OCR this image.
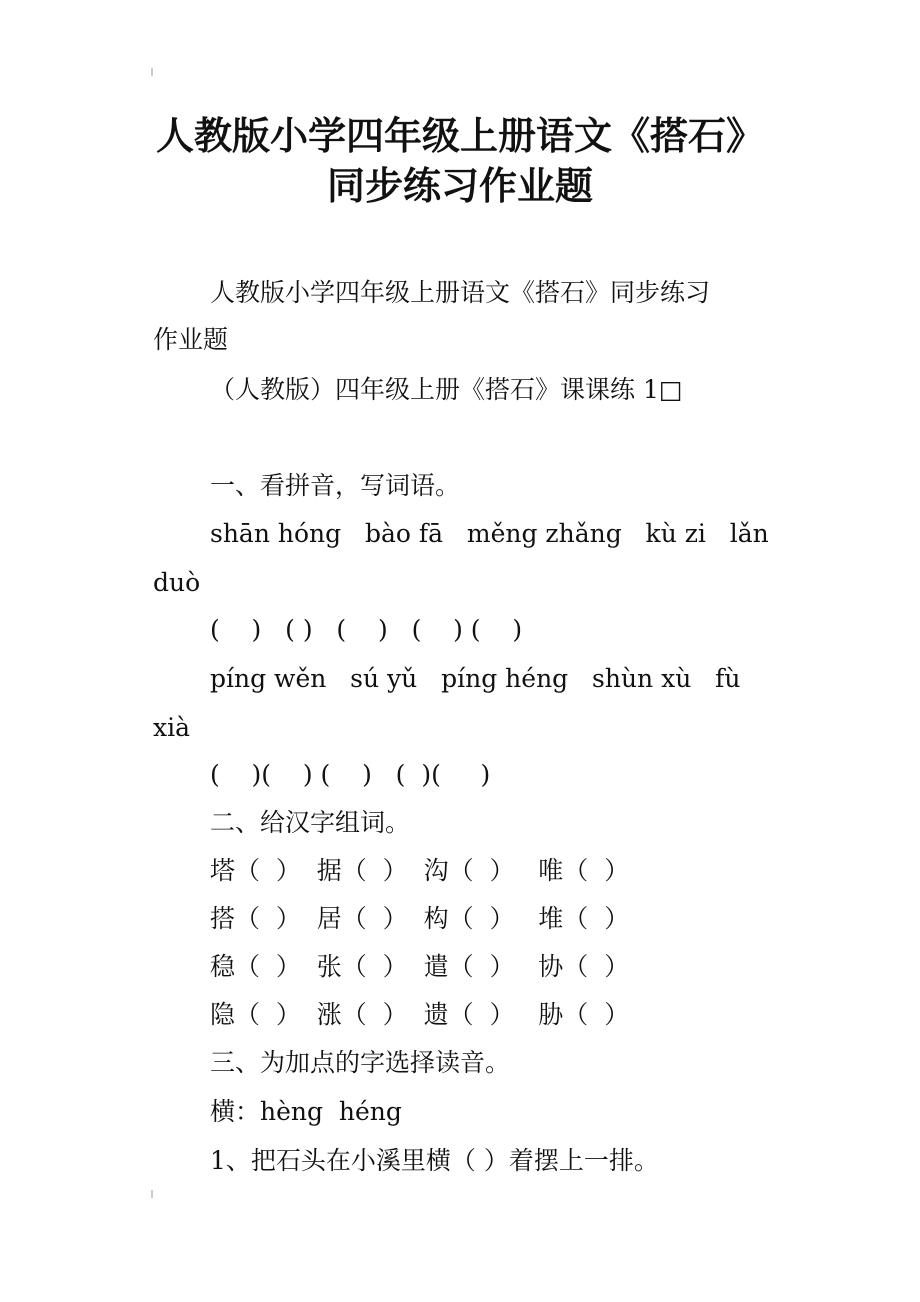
人教版小学四年级上册语文《搭石》
同步练习作业题
人教版小学四年级上册语文《搭石》同步练习
作业题
（人教版）四年级上册《搭石》课课练 1□
一、看拼音，写词语。
shān hóng   bào fā   měng zhǎng   kù zi   lǎn
duò
(    )   ( )   (    )   (    ) (    )
píng wěn   sú yǔ   píng héng   shùn xù   fù
xià
(    )(    ) (    )   (  )(     )
二、给汉字组词。
塔（  ）  据（  ）  沟（  ）   唯（  ）
搭（  ）  居（  ）  构（  ）   堆（  ）
稳（  ）  张（  ）  遣（  ）   协（  ）
隐（  ）  涨（  ）  遗（  ）   胁（  ）
三、为加点的字选择读音。
横：hèng  héng
1、把石头在小溪里横（ ）着摆上一排。
